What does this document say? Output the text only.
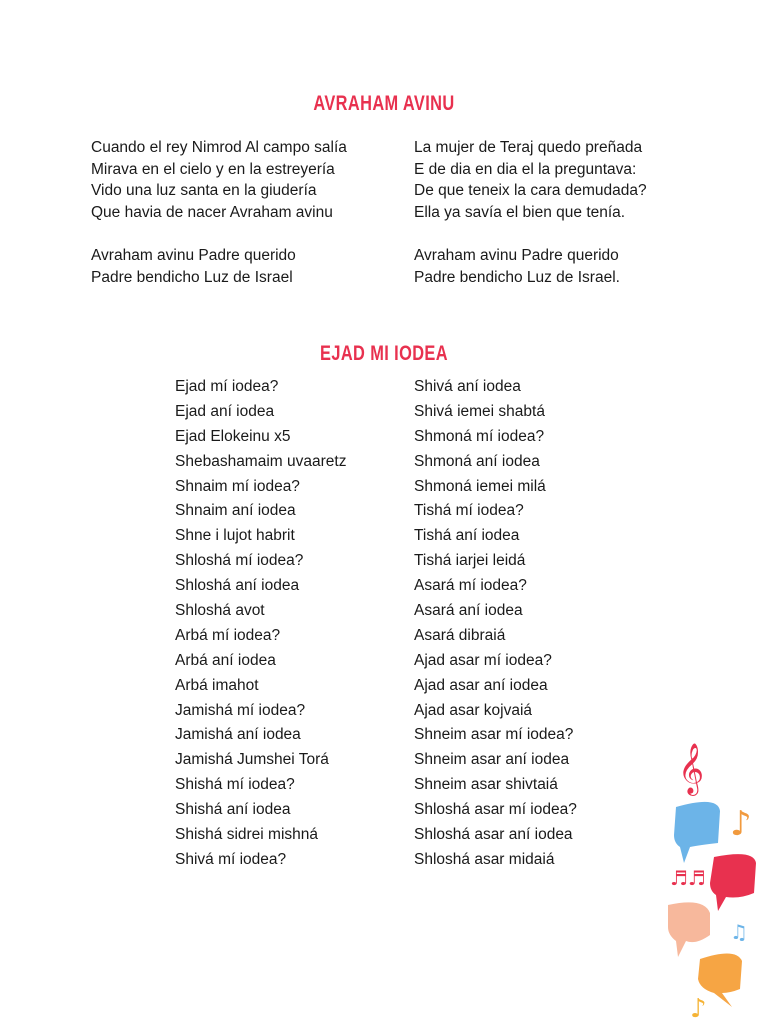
AVRAHAM AVINU
Cuando el rey Nimrod Al campo salía
Mirava en el cielo y en la estreyería
Vido una luz santa en la giudería
Que havia de nacer Avraham avinu
Avraham avinu Padre querido
Padre bendicho Luz de Israel
La mujer de Teraj quedo preñada
E de dia en dia el la preguntava:
De que teneix la cara demudada?
Ella ya savía el bien que tenía.
Avraham avinu Padre querido
Padre bendicho Luz de Israel.
EJAD MI IODEA
Ejad mí iodea?
Ejad aní iodea
Ejad Elokeinu x5
Shebashamaim uvaaretz
Shnaim mí iodea?
Shnaim aní iodea
Shne i lujot habrit
Shloshá mí iodea?
Shloshá aní iodea
Shloshá avot
Arbá mí iodea?
Arbá aní iodea
Arbá imahot
Jamishá mí iodea?
Jamishá aní iodea
Jamishá Jumshei Torá
Shishá mí iodea?
Shishá aní iodea
Shishá sidrei mishná
Shivá mí iodea?
Shivá aní iodea
Shivá iemei shabtá
Shmoná mí iodea?
Shmoná aní iodea
Shmoná iemei milá
Tishá mí iodea?
Tishá aní iodea
Tishá iarjei leidá
Asará mí iodea?
Asará aní iodea
Asará dibraiá
Ajad asar mí iodea?
Ajad asar aní iodea
Ajad asar kojvaiá
Shneim asar mí iodea?
Shneim asar aní iodea
Shneim asar shivtaiá
Shloshá asar mí iodea?
Shloshá asar aní iodea
Shloshá asar midaiá
𝄞
♪
♬♬
♫
♪
